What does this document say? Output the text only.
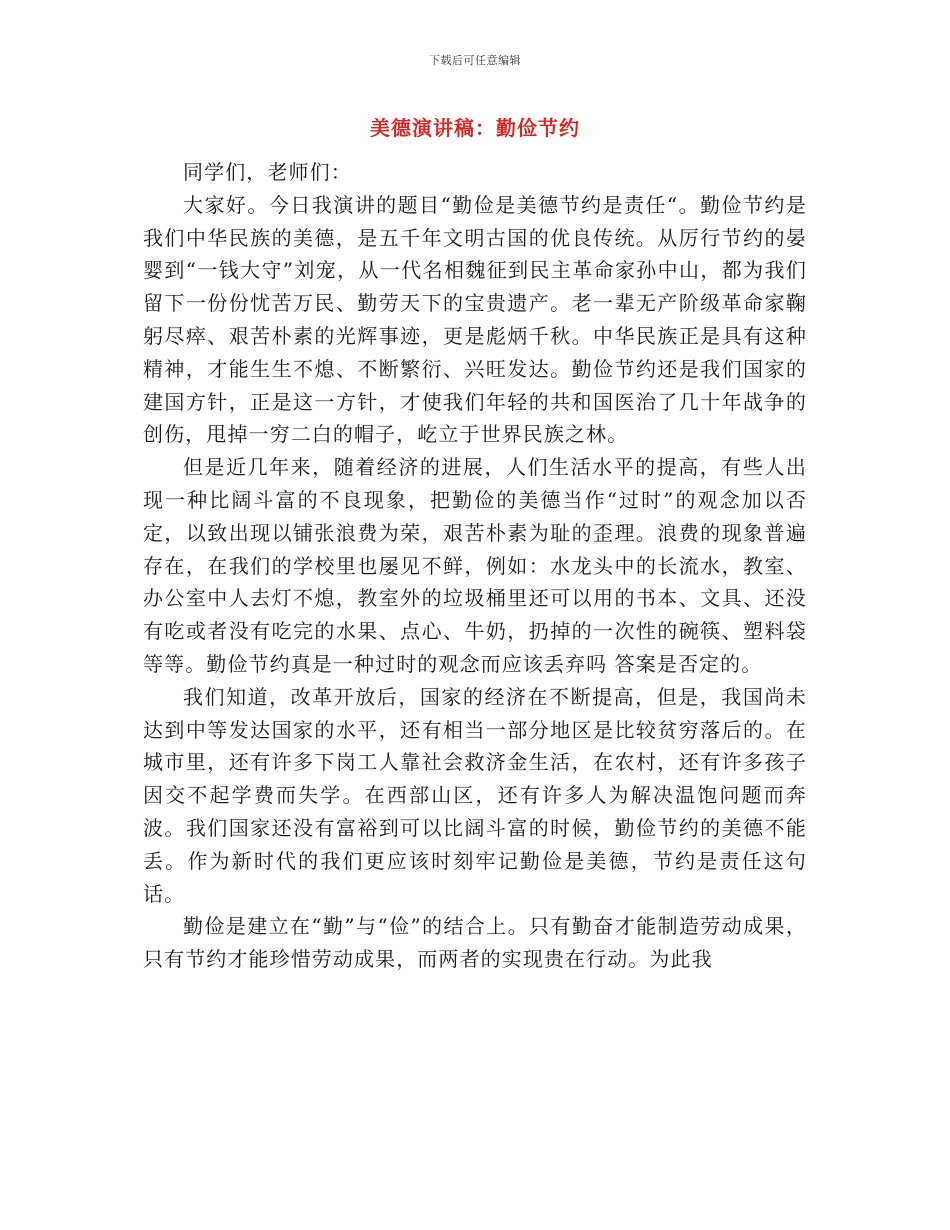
下载后可任意编辑
美德演讲稿：勤俭节约

同学们，老师们：

大家好。今日我演讲的题目“勤俭是美德节约是责任“。勤俭节约是我们中华民族的美德，是五千年文明古国的优良传统。从厉行节约的晏婴到“一钱大守”刘宠，从一代名相魏征到民主革命家孙中山，都为我们留下一份份忧苦万民、勤劳天下的宝贵遗产。老一辈无产阶级革命家鞠躬尽瘁、艰苦朴素的光辉事迹，更是彪炳千秋。中华民族正是具有这种精神，才能生生不熄、不断繁衍、兴旺发达。勤俭节约还是我们国家的建国方针，正是这一方针，才使我们年轻的共和国医治了几十年战争的创伤，甩掉一穷二白的帽子，屹立于世界民族之林。

但是近几年来，随着经济的进展，人们生活水平的提高，有些人出现一种比阔斗富的不良现象，把勤俭的美德当作“过时”的观念加以否定，以致出现以铺张浪费为荣，艰苦朴素为耻的歪理。浪费的现象普遍存在，在我们的学校里也屡见不鲜，例如：水龙头中的长流水，教室、办公室中人去灯不熄，教室外的垃圾桶里还可以用的书本、文具、还没有吃或者没有吃完的水果、点心、牛奶，扔掉的一次性的碗筷、塑料袋等等。勤俭节约真是一种过时的观念而应该丢弃吗 答案是否定的。

我们知道，改革开放后，国家的经济在不断提高，但是，我国尚未达到中等发达国家的水平，还有相当一部分地区是比较贫穷落后的。在城市里，还有许多下岗工人靠社会救济金生活，在农村，还有许多孩子因交不起学费而失学。在西部山区，还有许多人为解决温饱问题而奔波。我们国家还没有富裕到可以比阔斗富的时候，勤俭节约的美德不能丢。作为新时代的我们更应该时刻牢记勤俭是美德，节约是责任这句话。

勤俭是建立在“勤”与“俭”的结合上。只有勤奋才能制造劳动成果，只有节约才能珍惜劳动成果，而两者的实现贵在行动。为此我
